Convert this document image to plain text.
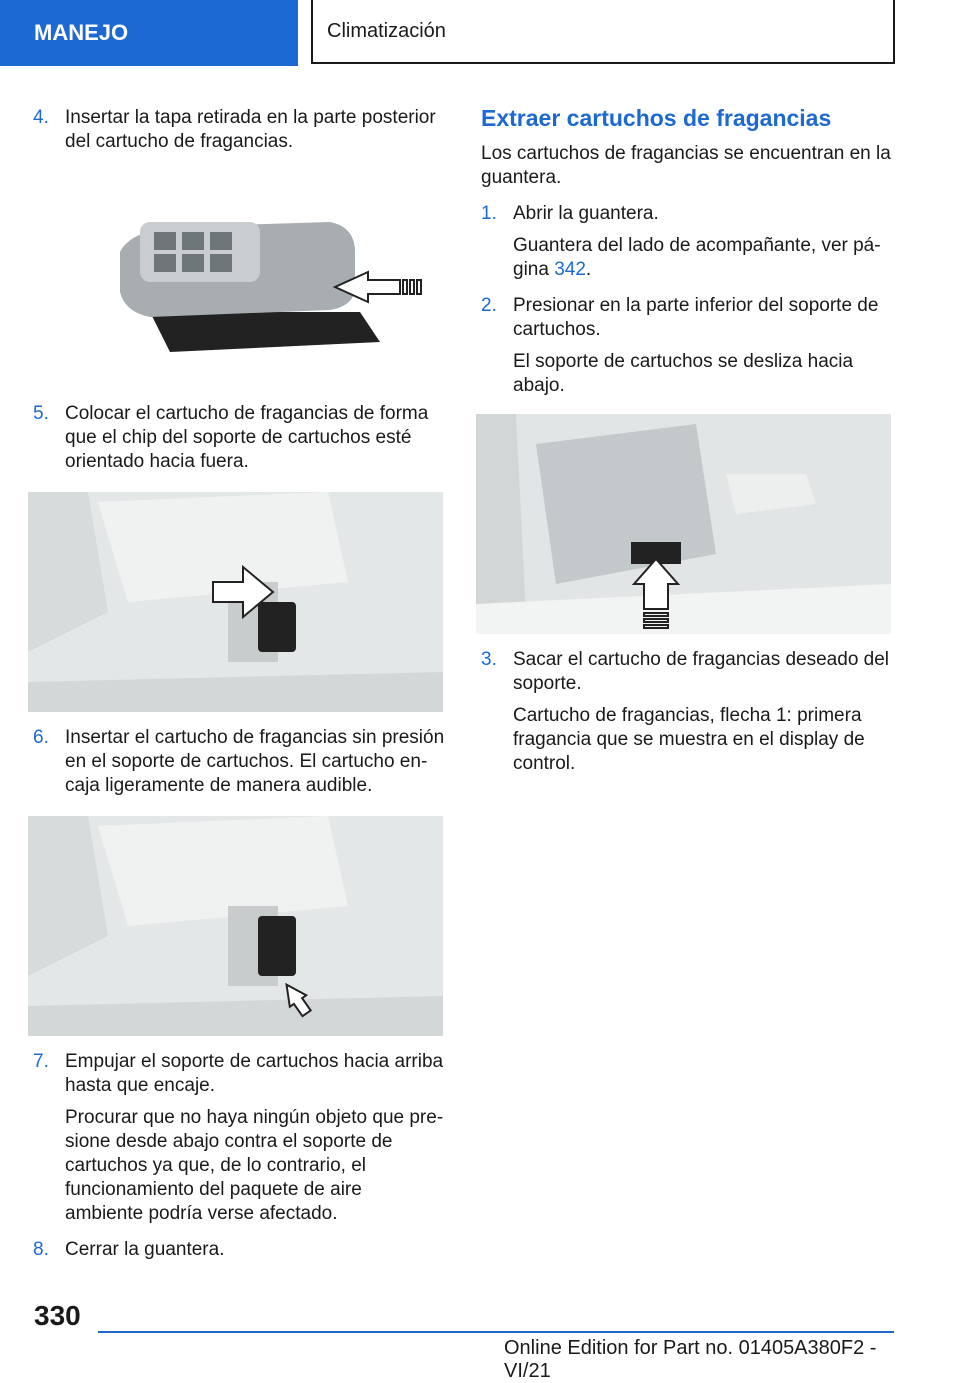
MANEJO	Climatización
4. Insertar la tapa retirada en la parte posterior del cartucho de fragancias.

5. Colocar el cartucho de fragancias de forma que el chip del soporte de cartuchos esté orientado hacia fuera.

6. Insertar el cartucho de fragancias sin presión en el soporte de cartuchos. El cartucho encaja ligeramente de manera audible.

7. Empujar el soporte de cartuchos hacia arriba hasta que encaje.

Procurar que no haya ningún objeto que presione desde abajo contra el soporte de cartuchos ya que, de lo contrario, el funcionamiento del paquete de aire ambiente podría verse afectado.

8. Cerrar la guantera.

Extraer cartuchos de fragancias

Los cartuchos de fragancias se encuentran en la guantera.

1. Abrir la guantera.

Guantera del lado de acompañante, ver página 342.

2. Presionar en la parte inferior del soporte de cartuchos.

El soporte de cartuchos se desliza hacia abajo.

3. Sacar el cartucho de fragancias deseado del soporte.

Cartucho de fragancias, flecha 1: primera fragancia que se muestra en el display de control.

330
Online Edition for Part no. 01405A380F2 - VI/21
